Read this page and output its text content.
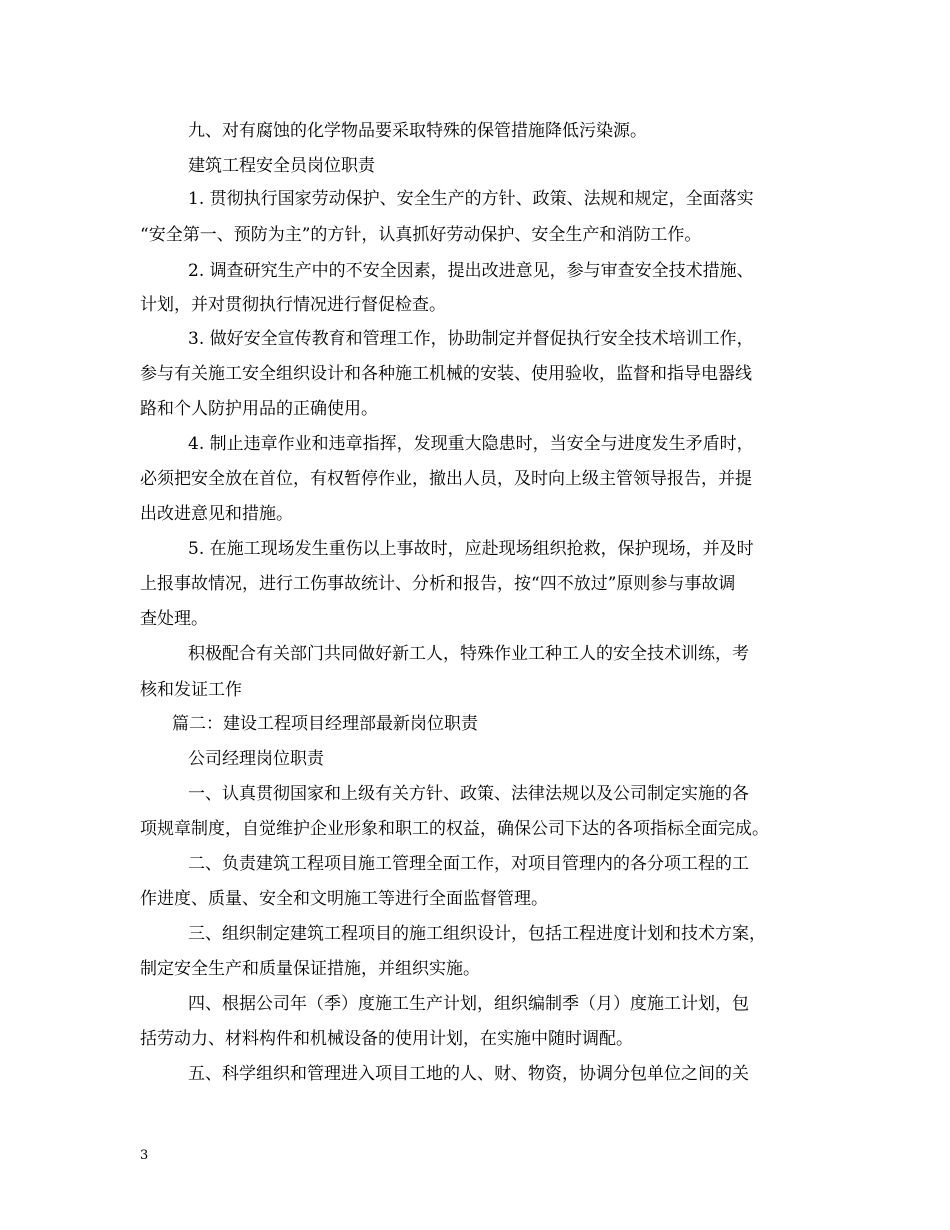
九、对有腐蚀的化学物品要采取特殊的保管措施降低污染源。
建筑工程安全员岗位职责
1. 贯彻执行国家劳动保护、安全生产的方针、政策、法规和规定，全面落实
“安全第一、预防为主”的方针，认真抓好劳动保护、安全生产和消防工作。
2. 调查研究生产中的不安全因素，提出改进意见，参与审查安全技术措施、
计划，并对贯彻执行情况进行督促检查。
3. 做好安全宣传教育和管理工作，协助制定并督促执行安全技术培训工作，
参与有关施工安全组织设计和各种施工机械的安装、使用验收，监督和指导电器线
路和个人防护用品的正确使用。
4. 制止违章作业和违章指挥，发现重大隐患时，当安全与进度发生矛盾时，
必须把安全放在首位，有权暂停作业，撤出人员，及时向上级主管领导报告，并提
出改进意见和措施。
5. 在施工现场发生重伤以上事故时，应赴现场组织抢救，保护现场，并及时
上报事故情况，进行工伤事故统计、分析和报告，按“四不放过”原则参与事故调
查处理。
积极配合有关部门共同做好新工人，特殊作业工种工人的安全技术训练，考
核和发证工作
篇二：建设工程项目经理部最新岗位职责
公司经理岗位职责
一、认真贯彻国家和上级有关方针、政策、法律法规以及公司制定实施的各
项规章制度，自觉维护企业形象和职工的权益，确保公司下达的各项指标全面完成。
二、负责建筑工程项目施工管理全面工作，对项目管理内的各分项工程的工
作进度、质量、安全和文明施工等进行全面监督管理。
三、组织制定建筑工程项目的施工组织设计，包括工程进度计划和技术方案，
制定安全生产和质量保证措施，并组织实施。
四、根据公司年（季）度施工生产计划，组织编制季（月）度施工计划，包
括劳动力、材料构件和机械设备的使用计划，在实施中随时调配。
五、科学组织和管理进入项目工地的人、财、物资，协调分包单位之间的关
3
